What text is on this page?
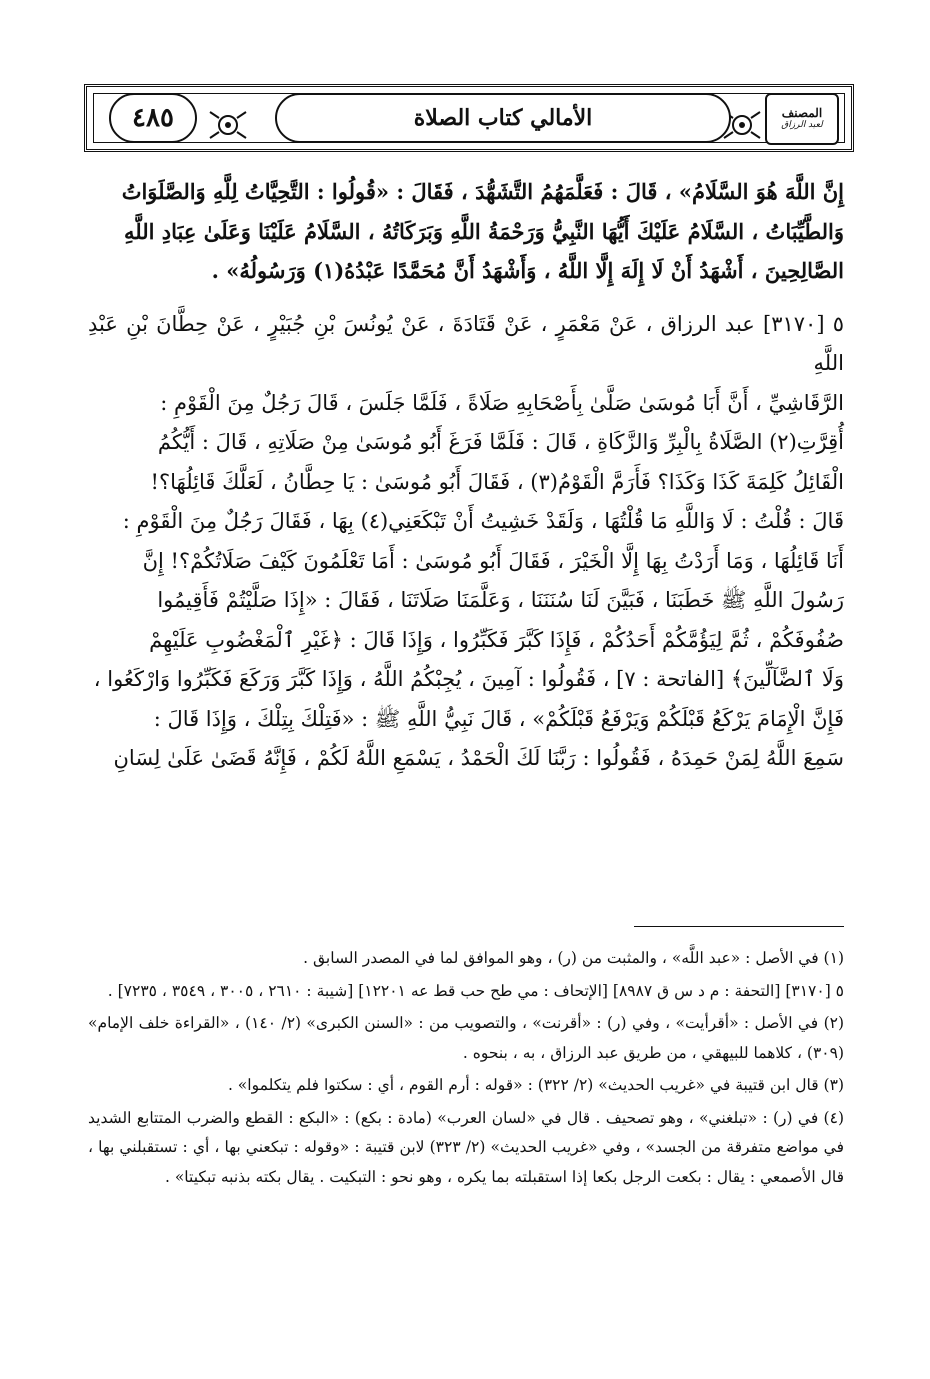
الأمالي كتاب الصلاة
٤٨٥	المصنف
لعبد الرزاق

إِنَّ اللَّهَ هُوَ السَّلَامُ» ، قَالَ : فَعَلَّمَهُمُ التَّشَهُّدَ ، فَقَالَ : «قُولُوا : التَّحِيَّاتُ لِلَّهِ وَالصَّلَوَاتُ

وَالطَّيِّبَاتُ ، السَّلَامُ عَلَيْكَ أَيُّهَا النَّبِيُّ وَرَحْمَةُ اللَّهِ وَبَرَكَاتُهُ ، السَّلَامُ عَلَيْنَا وَعَلَىٰ عِبَادِ اللَّهِ

الصَّالِحِينَ ، أَشْهَدُ أَنْ لَا إِلَهَ إِلَّا اللَّهُ ، وَأَشْهَدُ أَنَّ مُحَمَّدًا عَبْدُهُ(١) وَرَسُولُهُ» .

٥ [٣١٧٠] عبد الرزاق ، عَنْ مَعْمَرٍ ، عَنْ قَتَادَةَ ، عَنْ يُونُسَ بْنِ جُبَيْرٍ ، عَنْ حِطَّانَ بْنِ عَبْدِ اللَّهِ

الرَّقَاشِيِّ ، أَنَّ أَبَا مُوسَىٰ صَلَّىٰ بِأَصْحَابِهِ صَلَاةً ، فَلَمَّا جَلَسَ ، قَالَ رَجُلٌ مِنَ الْقَوْمِ :

أُقِرَّتِ(٢) الصَّلَاةُ بِالْبِرِّ وَالزَّكَاةِ ، قَالَ : فَلَمَّا فَرَغَ أَبُو مُوسَىٰ مِنْ صَلَاتِهِ ، قَالَ : أَيُّكُمُ

الْقَائِلُ كَلِمَةَ كَذَا وَكَذَا؟ فَأَرَمَّ الْقَوْمُ(٣) ، فَقَالَ أَبُو مُوسَىٰ : يَا حِطَّانُ ، لَعَلَّكَ قَائِلُهَا؟!

قَالَ : قُلْتُ : لَا وَاللَّهِ مَا قُلْتُهَا ، وَلَقَدْ خَشِيتُ أَنْ تَبْكَعَنِي(٤) بِهَا ، فَقَالَ رَجُلٌ مِنَ الْقَوْمِ :

أَنَا قَائِلُهَا ، وَمَا أَرَدْتُ بِهَا إِلَّا الْخَيْرَ ، فَقَالَ أَبُو مُوسَىٰ : أَمَا تَعْلَمُونَ كَيْفَ صَلَاتُكُمْ؟! إِنَّ

رَسُولَ اللَّهِ ﷺ خَطَبَنَا ، فَبَيَّنَ لَنَا سُنَنَنَا ، وَعَلَّمَنَا صَلَاتَنَا ، فَقَالَ : «إِذَا صَلَّيْتُمْ فَأَقِيمُوا

صُفُوفَكُمْ ، ثُمَّ لِيَؤُمَّكُمْ أَحَدُكُمْ ، فَإِذَا كَبَّرَ فَكَبِّرُوا ، وَإِذَا قَالَ : ﴿غَيْرِ ٱلْمَغْضُوبِ عَلَيْهِمْ

وَلَا ٱلضَّآلِّينَ﴾ [الفاتحة : ٧] ، فَقُولُوا : آمِينَ ، يُجِبْكُمُ اللَّهُ ، وَإِذَا كَبَّرَ وَرَكَعَ فَكَبِّرُوا وَارْكَعُوا ،

فَإِنَّ الْإِمَامَ يَرْكَعُ قَبْلَكُمْ وَيَرْفَعُ قَبْلَكُمْ» ، قَالَ نَبِيُّ اللَّهِ ﷺ : «فَتِلْكَ بِتِلْكَ ، وَإِذَا قَالَ :

سَمِعَ اللَّهُ لِمَنْ حَمِدَهُ ، فَقُولُوا : رَبَّنَا لَكَ الْحَمْدُ ، يَسْمَعِ اللَّهُ لَكُمْ ، فَإِنَّهُ قَضَىٰ عَلَىٰ لِسَانِ

(١) في الأصل : «عبد اللَّه» ، والمثبت من (ر) ، وهو الموافق لما في المصدر السابق .

٥ [٣١٧٠] [التحفة : م د س ق ٨٩٨٧] [الإتحاف : مي طح حب قط عه ١٢٢٠١] [شيبة : ٢٦١٠ ، ٣٠٠٥ ، ٣٥٤٩ ، ٧٢٣٥] .

(٢) في الأصل : «أقرأيت» ، وفي (ر) : «أقرنت» ، والتصويب من : «السنن الكبرى» (٢/ ١٤٠) ، «القراءة خلف الإمام» (٣٠٩) ، كلاهما للبيهقي ، من طريق عبد الرزاق ، به ، بنحوه .

(٣) قال ابن قتيبة في «غريب الحديث» (٢/ ٣٢٢) : «قوله : أرم القوم ، أي : سكتوا فلم يتكلموا» .

(٤) في (ر) : «تبلغني» ، وهو تصحيف . قال في «لسان العرب» (مادة : بكع) : «البكع : القطع والضرب المتتابع الشديد في مواضع متفرقة من الجسد» ، وفي «غريب الحديث» (٢/ ٣٢٣) لابن قتيبة : «وقوله : تبكعني بها ، أي : تستقبلني بها ، قال الأصمعي : يقال : بكعت الرجل بكعا إذا استقبلته بما يكره ، وهو نحو : التبكيت . يقال بكته بذنبه تبكيتا» .
